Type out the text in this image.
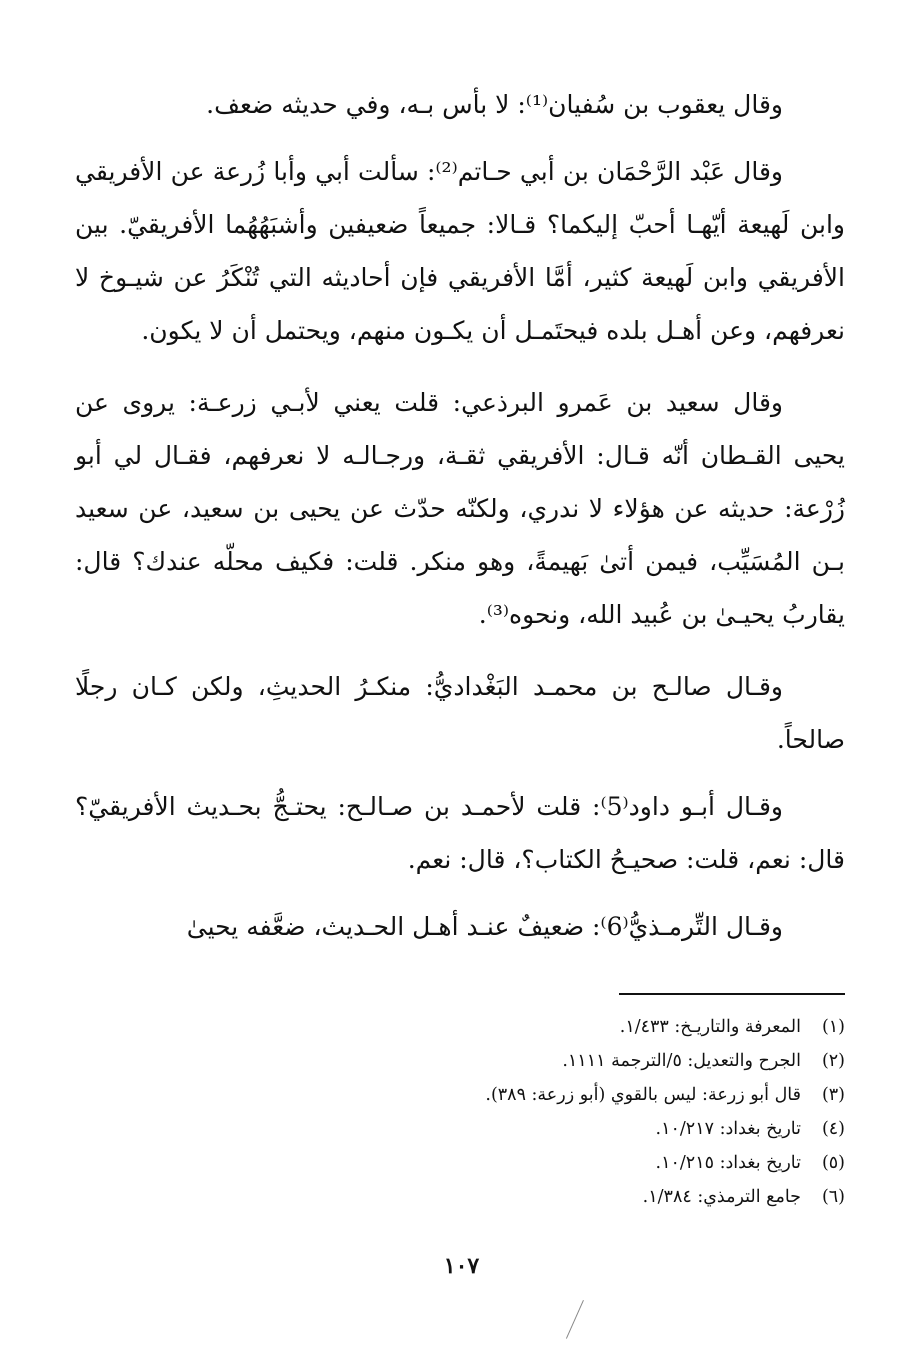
وقال يعقوب بن سُفيان⁽¹⁾: لا بأس بـه، وفي حديثه ضعف.

وقال عَبْد الرَّحْمَان بن أبي حـاتم⁽²⁾: سألت أبي وأبا زُرعة عن الأفريقي وابن لَهيعة أيّهـا أحبّ إليكما؟ قـالا: جميعاً ضعيفين وأشبَهُهُما الأفريقيّ. بين الأفريقي وابن لَهيعة كثير، أمَّا الأفريقي فإن أحاديثه التي تُنْكَرُ عن شيـوخ لا نعرفهم، وعن أهـل بلده فيحتَمـل أن يكـون منهم، ويحتمل أن لا يكون.

وقال سعيد بن عَمرو البرذعي: قلت يعني لأبـي زرعـة: يروى عن يحيى القـطان أنّه قـال: الأفريقي ثقـة، ورجـالـه لا نعرفهم، فقـال لي أبو زُرْعة: حديثه عن هؤلاء لا ندري، ولكنّه حدّث عن يحيى بن سعيد، عن سعيد بـن المُسَيِّب، فيمن أتىٰ بَهيمةً، وهو منكر. قلت: فكيف محلّه عندك؟ قال: يقاربُ يحيـىٰ بن عُبيد الله، ونحوه⁽³⁾.

وقـال صالـح بن محمـد البَغْداديُّ: منكـرُ الحديثِ، ولكن كـان رجلًا صالحاً.

وقـال أبـو داود⁽5⁾: قلت لأحمـد بن صـالـح: يحتـجُّ بحـديث الأفريقيّ؟ قال: نعم، قلت: صحيـحُ الكتاب؟، قال: نعم.

وقـال التِّرمـذيُّ⁽6⁾: ضعيفٌ عنـد أهـل الحـديث، ضعَّفه يحيىٰ

(١)المعرفة والتاريـخ: ١/٤٣٣.
(٢)الجرح والتعديل: ٥/الترجمة ١١١١.
(٣)قال أبو زرعة: ليس بالقوي (أبو زرعة: ٣٨٩).
(٤)تاريخ بغداد: ١٠/٢١٧.
(٥)تاريخ بغداد: ١٠/٢١٥.
(٦)جامع الترمذي: ١/٣٨٤.
١٠٧
